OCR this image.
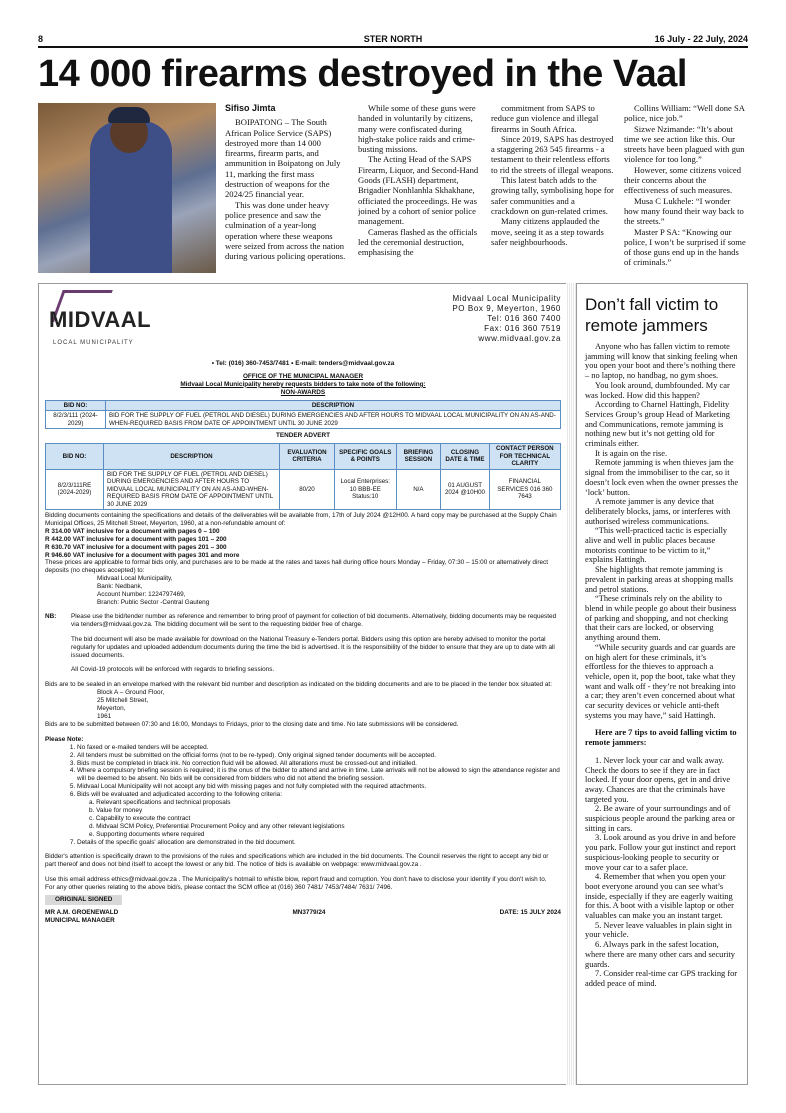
8	STER NORTH	16 July - 22 July, 2024
14 000 firearms destroyed in the Vaal

Sifiso Jimta

BOIPATONG – The South African Police Service (SAPS) destroyed more than 14 000 firearms, firearm parts, and ammunition in Boipatong on July 11, marking the first mass destruction of weapons for the 2024/25 financial year.

This was done under heavy police presence and saw the culmination of a year-long operation where these weapons were seized from across the nation during various policing operations.

While some of these guns were handed in voluntarily by citizens, many were confiscated during high-stake police raids and crime-busting missions.

The Acting Head of the SAPS Firearm, Liquor, and Second-Hand Goods (FLASH) department, Brigadier Nonhlanhla Skhakhane, officiated the proceedings. He was joined by a cohort of senior police management.

Cameras flashed as the officials led the ceremonial destruction, emphasising the

commitment from SAPS to reduce gun violence and illegal firearms in South Africa.

Since 2019, SAPS has destroyed a staggering 263 545 firearms - a testament to their relentless efforts to rid the streets of illegal weapons.

This latest batch adds to the growing tally, symbolising hope for safer communities and a crackdown on gun-related crimes.

Many citizens applauded the move, seeing it as a step towards safer neighbourhoods.

Collins William: “Well done SA police, nice job.”

Sizwe Nzimande: “It’s about time we see action like this. Our streets have been plagued with gun violence for too long.”

However, some citizens voiced their concerns about the effectiveness of such measures.

Musa C Lukhele: “I wonder how many found their way back to the streets.”

Master P SA: “Knowing our police, I won’t be surprised if some of those guns end up in the hands of criminals.”

MIDVAAL
LOCAL MUNICIPALITY
Midvaal Local Municipality
PO Box 9, Meyerton, 1960
Tel: 016 360 7400
Fax: 016 360 7519
www.midvaal.gov.za
• Tel: (016) 360-7453/7481 • E-mail: tenders@midvaal.gov.za
OFFICE OF THE MUNICIPAL MANAGER
Midvaal Local Municipality hereby requests bidders to take note of the following:
NON-AWARDS
BID NO:	DESCRIPTION
8/2/3/111 (2024-2029)	BID FOR THE SUPPLY OF FUEL (PETROL AND DIESEL) DURING EMERGENCIES AND AFTER HOURS TO MIDVAAL LOCAL MUNICIPALITY ON AN AS-AND-WHEN-REQUIRED BASIS FROM DATE OF APPOINTMENT UNTIL 30 JUNE 2029
TENDER ADVERT
BID NO:	DESCRIPTION	EVALUATION CRITERIA	SPECIFIC GOALS & POINTS	BRIEFING SESSION	CLOSING DATE & TIME	CONTACT PERSON FOR TECHNICAL CLARITY
8/2/3/111RE (2024-2029)	BID FOR THE SUPPLY OF FUEL (PETROL AND DIESEL) DURING EMERGENCIES AND AFTER HOURS TO MIDVAAL LOCAL MUNICIPALITY ON AN AS-AND-WHEN-REQUIRED BASIS FROM DATE OF APPOINTMENT UNTIL 30 JUNE 2029	80/20	Local Enterprises: 10 BBB-EE Status:10	N/A	01 AUGUST 2024 @10H00	FINANCIAL SERVICES 016 360 7643
Bidding documents containing the specifications and details of the deliverables will be available from, 17th of July 2024 @12H00. A hard copy may be purchased at the Supply Chain Municipal Offices, 25 Mitchell Street, Meyerton, 1960, at a non-refundable amount of:
R 314.00 VAT inclusive for a document with pages 0 – 100
R 442.00 VAT inclusive for a document with pages 101 – 200
R 630.70 VAT inclusive for a document with pages 201 – 300
R 946.60 VAT inclusive for a document with pages 301 and more
These prices are applicable to formal bids only, and purchases are to be made at the rates and taxes hall during office hours Monday – Friday, 07:30 – 15:00 or alternatively direct deposits (no cheques accepted) to:
Midvaal Local Municipality,
Bank: Nedbank,
Account Number: 1224797469,
Branch: Public Sector -Central Gauteng
NB:	Please use the bid/tender number as reference and remember to bring proof of payment for collection of bid documents. Alternatively, bidding documents may be requested via tenders@midvaal.gov.za. The bidding document will be sent to the requesting bidder free of charge.
The bid document will also be made available for download on the National Treasury e-Tenders portal. Bidders using this option are hereby advised to monitor the portal regularly for updates and uploaded addendum documents during the time the bid is advertised. It is the responsibility of the bidder to ensure that they are up to date with all issued documents.
All Covid-19 protocols will be enforced with regards to briefing sessions.
Bids are to be sealed in an envelope marked with the relevant bid number and description as indicated on the bidding documents and are to be placed in the tender box situated at:
Block A – Ground Floor,
25 Mitchell Street,
Meyerton,
1961
Bids are to be submitted between 07:30 and 16:00, Mondays to Fridays, prior to the closing date and time. No late submissions will be considered.
Please Note:
1. No faxed or e-mailed tenders will be accepted.
2. All tenders must be submitted on the official forms (not to be re-typed). Only original signed tender documents will be accepted.
3. Bids must be completed in black ink. No correction fluid will be allowed. All alterations must be crossed-out and initialled.
4. Where a compulsory briefing session is required; it is the onus of the bidder to attend and arrive in time. Late arrivals will not be allowed to sign the attendance register and will be deemed to be absent. No bids will be considered from bidders who did not attend the briefing session.
5. Midvaal Local Municipality will not accept any bid with missing pages and not fully completed with the required attachments.
6. Bids will be evaluated and adjudicated according to the following criteria:
a. Relevant specifications and technical proposals
b. Value for money
c. Capability to execute the contract
d. Midvaal SCM Policy, Preferential Procurement Policy and any other relevant legislations
e. Supporting documents where required
7. Details of the specific goals' allocation are demonstrated in the bid document.
Bidder's attention is specifically drawn to the provisions of the rules and specifications which are included in the bid documents. The Council reserves the right to accept any bid or part thereof and does not bind itself to accept the lowest or any bid. The notice of bids is available on webpage: www.midvaal.gov.za .
Use this email address ethics@midvaal.gov.za . The Municipality's hotmail to whistle blow, report fraud and corruption. You don't have to disclose your identity if you don't wish to.
For any other queries relating to the above bid/s, please contact the SCM office at (016) 360 7481/ 7453/7484/ 7631/ 7496.
ORIGINAL SIGNED
MR A.M. GROENEWALD
MUNICIPAL MANAGER
MN3779/24	DATE: 15 JULY 2024
Don’t fall victim to remote jammers

Anyone who has fallen victim to remote jamming will know that sinking feeling when you open your boot and there’s nothing there – no laptop, no handbag, no gym shoes.

You look around, dumbfounded. My car was locked. How did this happen?

According to Charnel Hattingh, Fidelity Services Group’s group Head of Marketing and Communications, remote jamming is nothing new but it’s not getting old for criminals either.

It is again on the rise.

Remote jamming is when thieves jam the signal from the immobiliser to the car, so it doesn’t lock even when the owner presses the ‘lock’ button.

A remote jammer is any device that deliberately blocks, jams, or interferes with authorised wireless communications.

“This well-practiced tactic is especially alive and well in public places because motorists continue to be victim to it,” explains Hattingh.

She highlights that remote jamming is prevalent in parking areas at shopping malls and petrol stations.

“These criminals rely on the ability to blend in while people go about their business of parking and shopping, and not checking that their cars are locked, or observing anything around them.

“While security guards and car guards are on high alert for these criminals, it’s effortless for the thieves to approach a vehicle, open it, pop the boot, take what they want and walk off - they’re not breaking into a car; they aren’t even concerned about what car security devices or vehicle anti-theft systems you may have,” said Hattingh.

Here are 7 tips to avoid falling victim to remote jammers:

1. Never lock your car and walk away. Check the doors to see if they are in fact locked. If your door opens, get in and drive away. Chances are that the criminals have targeted you.

2. Be aware of your surroundings and of suspicious people around the parking area or sitting in cars.

3. Look around as you drive in and before you park. Follow your gut instinct and report suspicious-looking people to security or move your car to a safer place.

4. Remember that when you open your boot everyone around you can see what’s inside, especially if they are eagerly waiting for this. A boot with a visible laptop or other valuables can make you an instant target.

5. Never leave valuables in plain sight in your vehicle.

6. Always park in the safest location, where there are many other cars and security guards.

7. Consider real-time car GPS tracking for added peace of mind.
